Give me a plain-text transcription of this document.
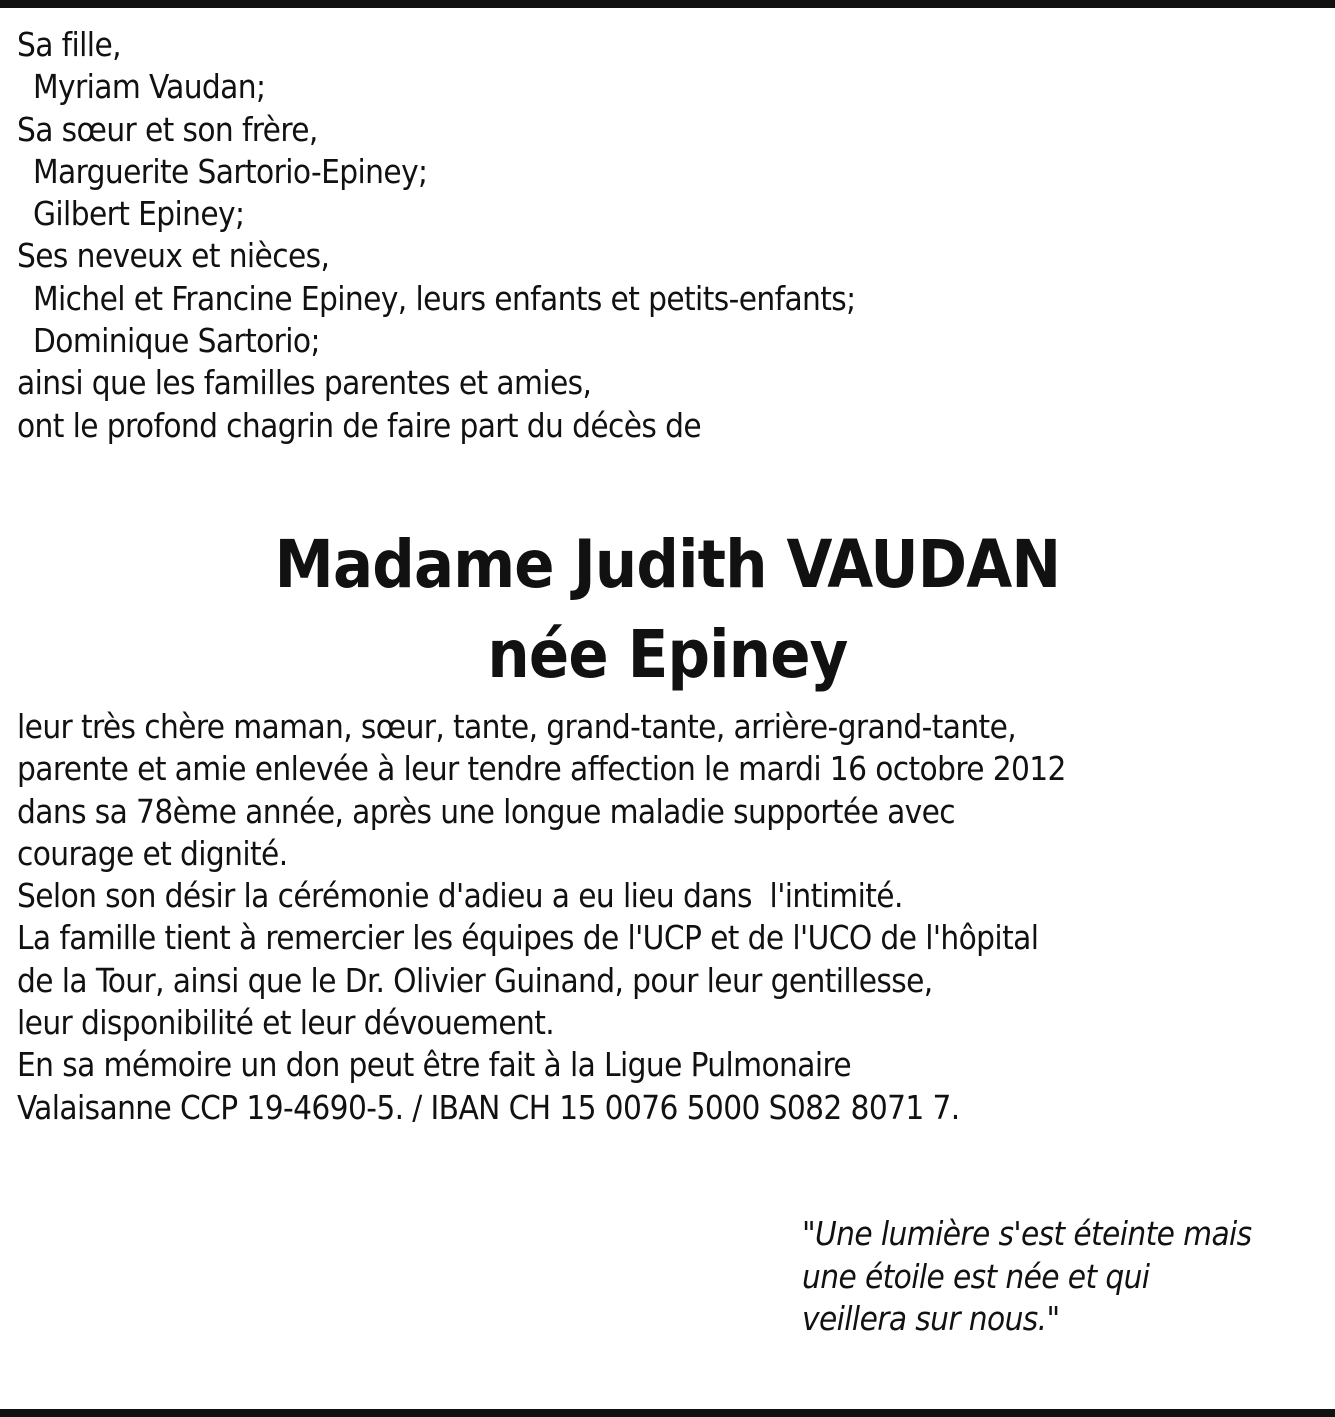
Sa fille,
Myriam Vaudan;
Sa sœur et son frère,
Marguerite Sartorio-Epiney;
Gilbert Epiney;
Ses neveux et nièces,
Michel et Francine Epiney, leurs enfants et petits-enfants;
Dominique Sartorio;
ainsi que les familles parentes et amies,
ont le profond chagrin de faire part du décès de
Madame Judith VAUDAN
née Epiney
leur très chère maman, sœur, tante, grand-tante, arrière-grand-tante,
parente et amie enlevée à leur tendre affection le mardi 16 octobre 2012
dans sa 78ème année, après une longue maladie supportée avec
courage et dignité.
Selon son désir la cérémonie d'adieu a eu lieu dans  l'intimité.
La famille tient à remercier les équipes de l'UCP et de l'UCO de l'hôpital
de la Tour, ainsi que le Dr. Olivier Guinand, pour leur gentillesse,
leur disponibilité et leur dévouement.
En sa mémoire un don peut être fait à la Ligue Pulmonaire
Valaisanne CCP 19-4690-5. / IBAN CH 15 0076 5000 S082 8071 7.
"Une lumière s'est éteinte mais
une étoile est née et qui
veillera sur nous."
